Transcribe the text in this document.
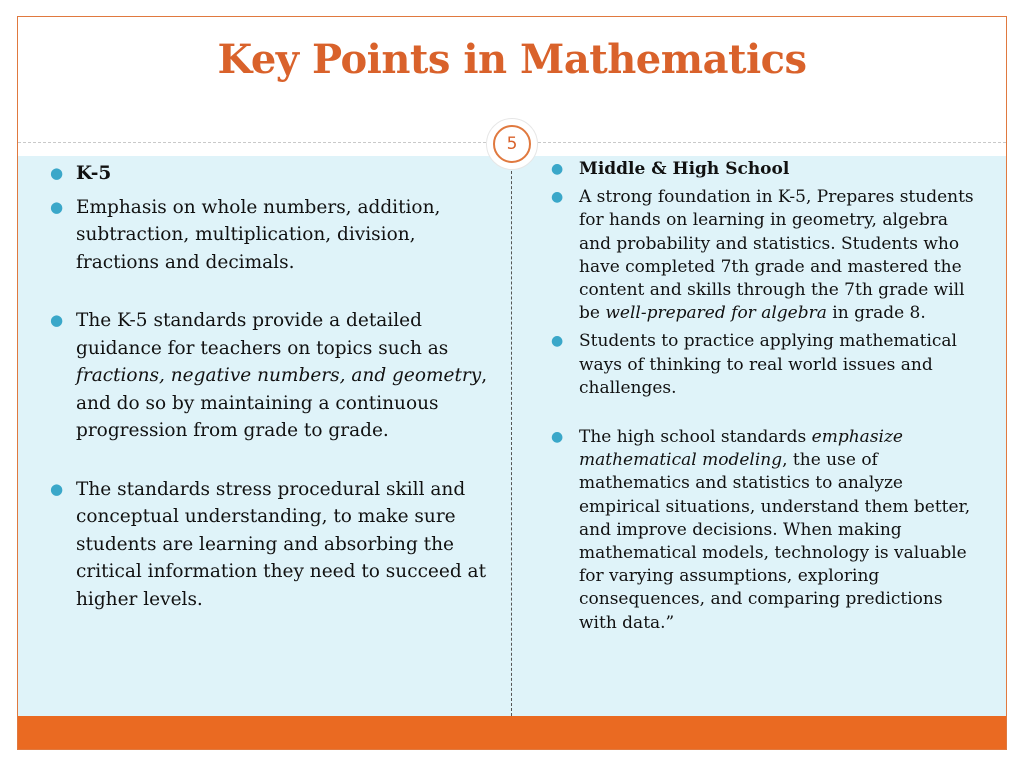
Key Points in Mathematics
5
● K-5
● Emphasis on whole numbers, addition, subtraction, multiplication, division, fractions and decimals.
● The K-5 standards provide a detailed guidance for teachers on topics such as fractions, negative numbers, and geometry, and do so by maintaining a continuous progression from grade to grade.
● The standards stress procedural skill and conceptual understanding, to make sure students are learning and absorbing the critical information they need to succeed at higher levels.
● Middle & High School
● A strong foundation in K-5, Prepares students for hands on learning in geometry, algebra and probability and statistics. Students who have completed 7th grade and mastered the content and skills through the 7th grade will be well-prepared for algebra in grade 8.
● Students to practice applying mathematical ways of thinking to real world issues and challenges.
● The high school standards emphasize mathematical modeling, the use of mathematics and statistics to analyze empirical situations, understand them better, and improve decisions. When making mathematical models, technology is valuable for varying assumptions, exploring consequences, and comparing predictions with data.”
